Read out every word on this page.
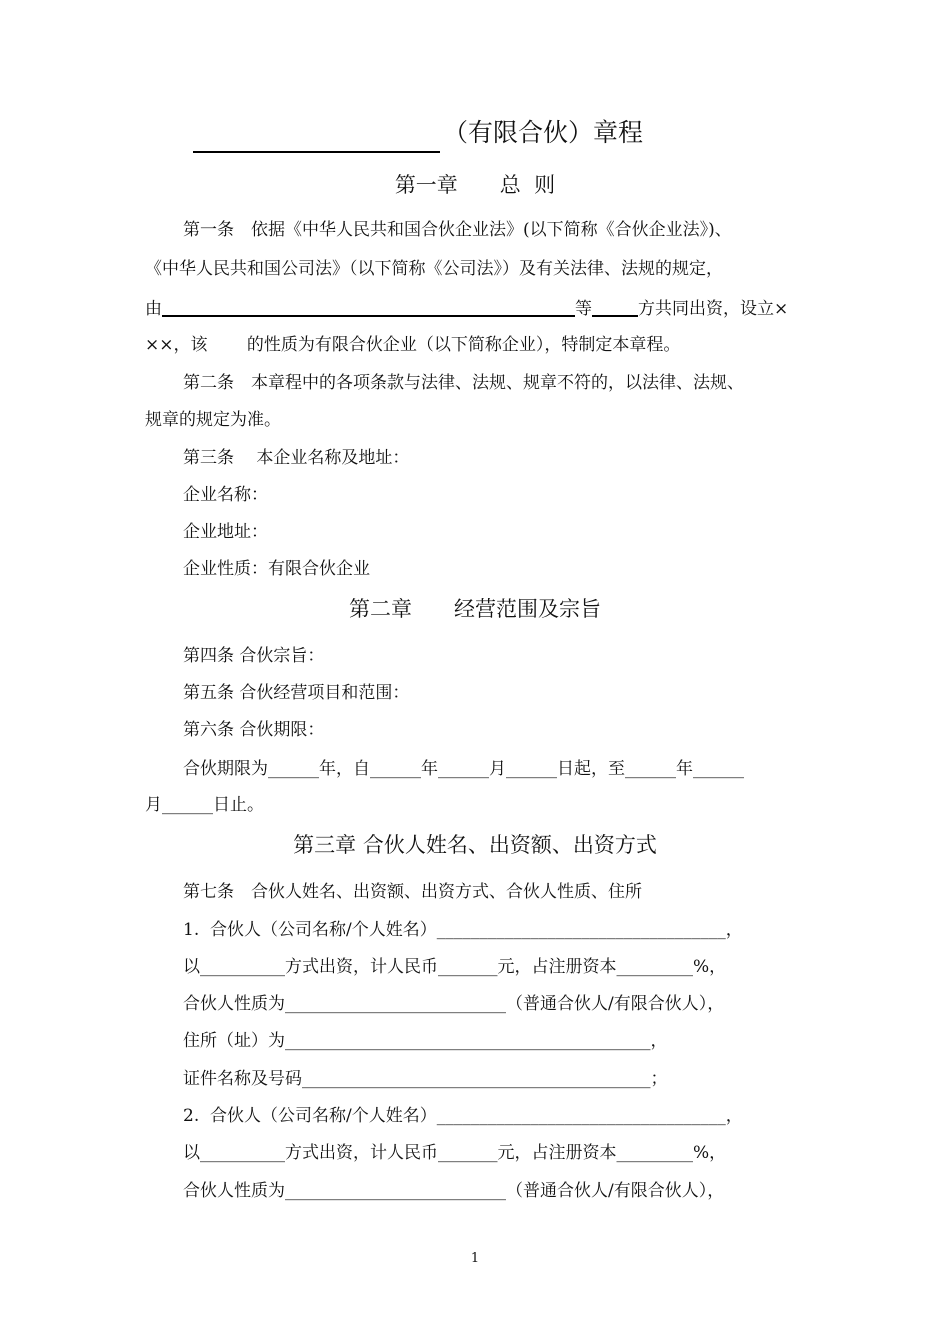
（有限合伙）章程
第一章　　总  则
第一条　依据《中华人民共和国合伙企业法》(以下简称《合伙企业法》)、
《中华人民共和国公司法》（以下简称《公司法》）及有关法律、法规的规定，
由	等	方共同出资，设立×
××，该　　 的性质为有限合伙企业（以下简称企业），特制定本章程。
第二条　本章程中的各项条款与法律、法规、规章不符的，以法律、法规、
规章的规定为准。
第三条　 本企业名称及地址：
企业名称：
企业地址：
企业性质：有限合伙企业
第二章　　经营范围及宗旨
第四条 合伙宗旨：
第五条 合伙经营项目和范围：
第六条 合伙期限：
合伙期限为______年，自______年______月______日起，至______年______
月______日止。
第三章 合伙人姓名、出资额、出资方式
第七条　合伙人姓名、出资额、出资方式、合伙人性质、住所
1.  合伙人（公司名称/个人姓名）__________________________________，
以__________方式出资，计人民币_______元，占注册资本_________%，
合伙人性质为__________________________（普通合伙人/有限合伙人），
住所（址）为___________________________________________，
证件名称及号码_________________________________________；
2.  合伙人（公司名称/个人姓名）__________________________________，
以__________方式出资，计人民币_______元，占注册资本_________%，
合伙人性质为__________________________（普通合伙人/有限合伙人），
1
